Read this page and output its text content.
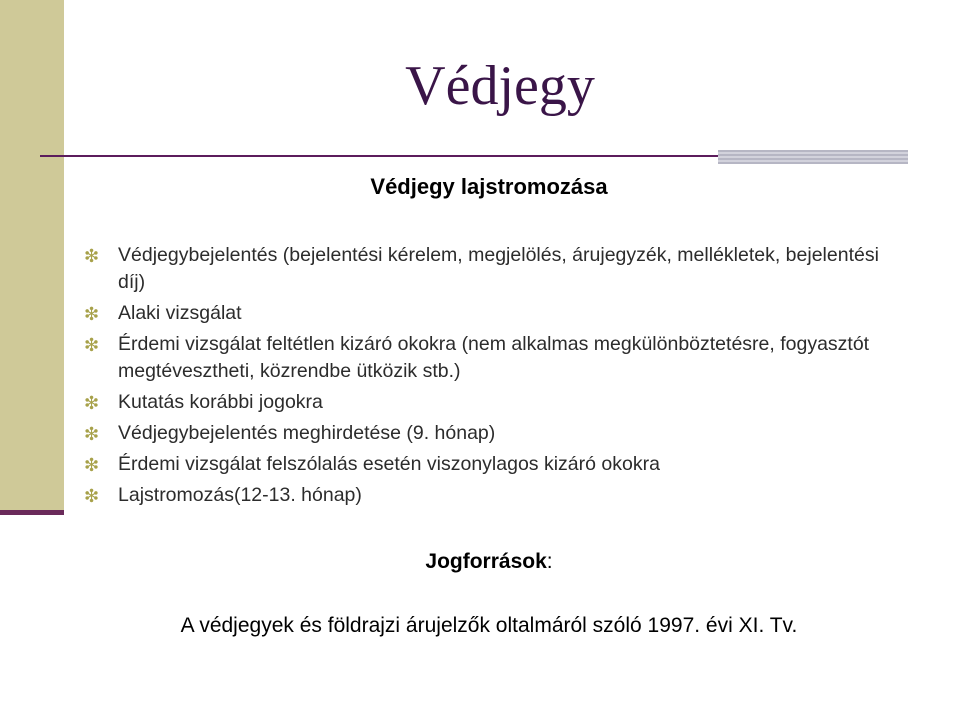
Védjegy
Védjegy lajstromozása
❇ Védjegybejelentés (bejelentési kérelem, megjelölés, árujegyzék, mellékletek, bejelentési díj)
❇ Alaki vizsgálat
❇ Érdemi vizsgálat feltétlen kizáró okokra (nem alkalmas megkülönböztetésre, fogyasztót megtévesztheti, közrendbe ütközik stb.)
❇ Kutatás korábbi jogokra
❇ Védjegybejelentés meghirdetése (9. hónap)
❇ Érdemi vizsgálat felszólalás esetén viszonylagos kizáró okokra
❇ Lajstromozás(12-13. hónap)
Jogforrások:
A védjegyek és földrajzi árujelzők oltalmáról szóló 1997. évi XI. Tv.
